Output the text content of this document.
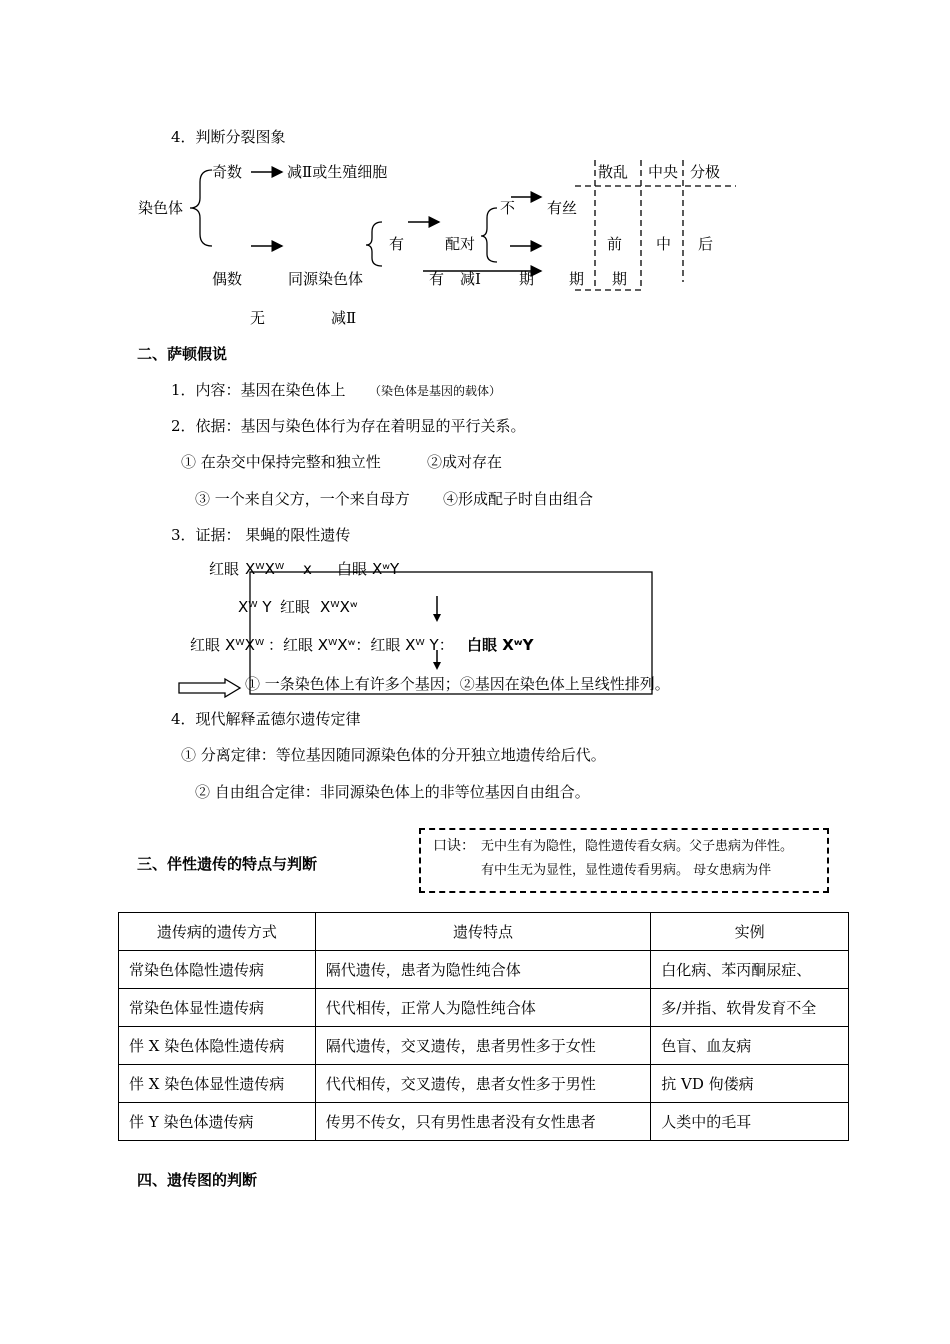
4．判断分裂图象
奇数	减Ⅱ或生殖细胞
染色体
偶数	同源染色体
无	减Ⅱ
有	配对
不 有丝
有 减Ⅰ	期 期 期
散乱 中央 分极
前 中 后
二、萨顿假说
1．内容：基因在染色体上 （染色体是基因的载体）
2．依据：基因与染色体行为存在着明显的平行关系。
① 在杂交中保持完整和独立性	②成对存在
③ 一个来自父方，一个来自母方 ④形成配子时自由组合
3．证据： 果蝇的限性遗传
红眼 XᵂXᵂ x 白眼 XʷY
Xᵂ Y 红眼 XᵂXʷ
红眼 XᵂXᵂ ：红眼 XᵂXʷ：红眼 Xᵂ Y： 白眼 XʷY
① 一条染色体上有许多个基因；②基因在染色体上呈线性排列。
4．现代解释孟德尔遗传定律
① 分离定律：等位基因随同源染色体的分开独立地遗传给后代。
② 自由组合定律：非同源染色体上的非等位基因自由组合。
三、伴性遗传的特点与判断
口诀： 无中生有为隐性，隐性遗传看女病。父子患病为伴性。
有中生无为显性，显性遗传看男病。 母女患病为伴
遗传病的遗传方式	遗传特点	实例
常染色体隐性遗传病	隔代遗传，患者为隐性纯合体	白化病、苯丙酮尿症、
常染色体显性遗传病	代代相传，正常人为隐性纯合体	多/并指、软骨发育不全
伴 X 染色体隐性遗传病	隔代遗传，交叉遗传，患者男性多于女性	色盲、血友病
伴 X 染色体显性遗传病	代代相传，交叉遗传，患者女性多于男性	抗 VD 佝偻病
伴 Y 染色体遗传病	传男不传女，只有男性患者没有女性患者	人类中的毛耳
四、遗传图的判断
